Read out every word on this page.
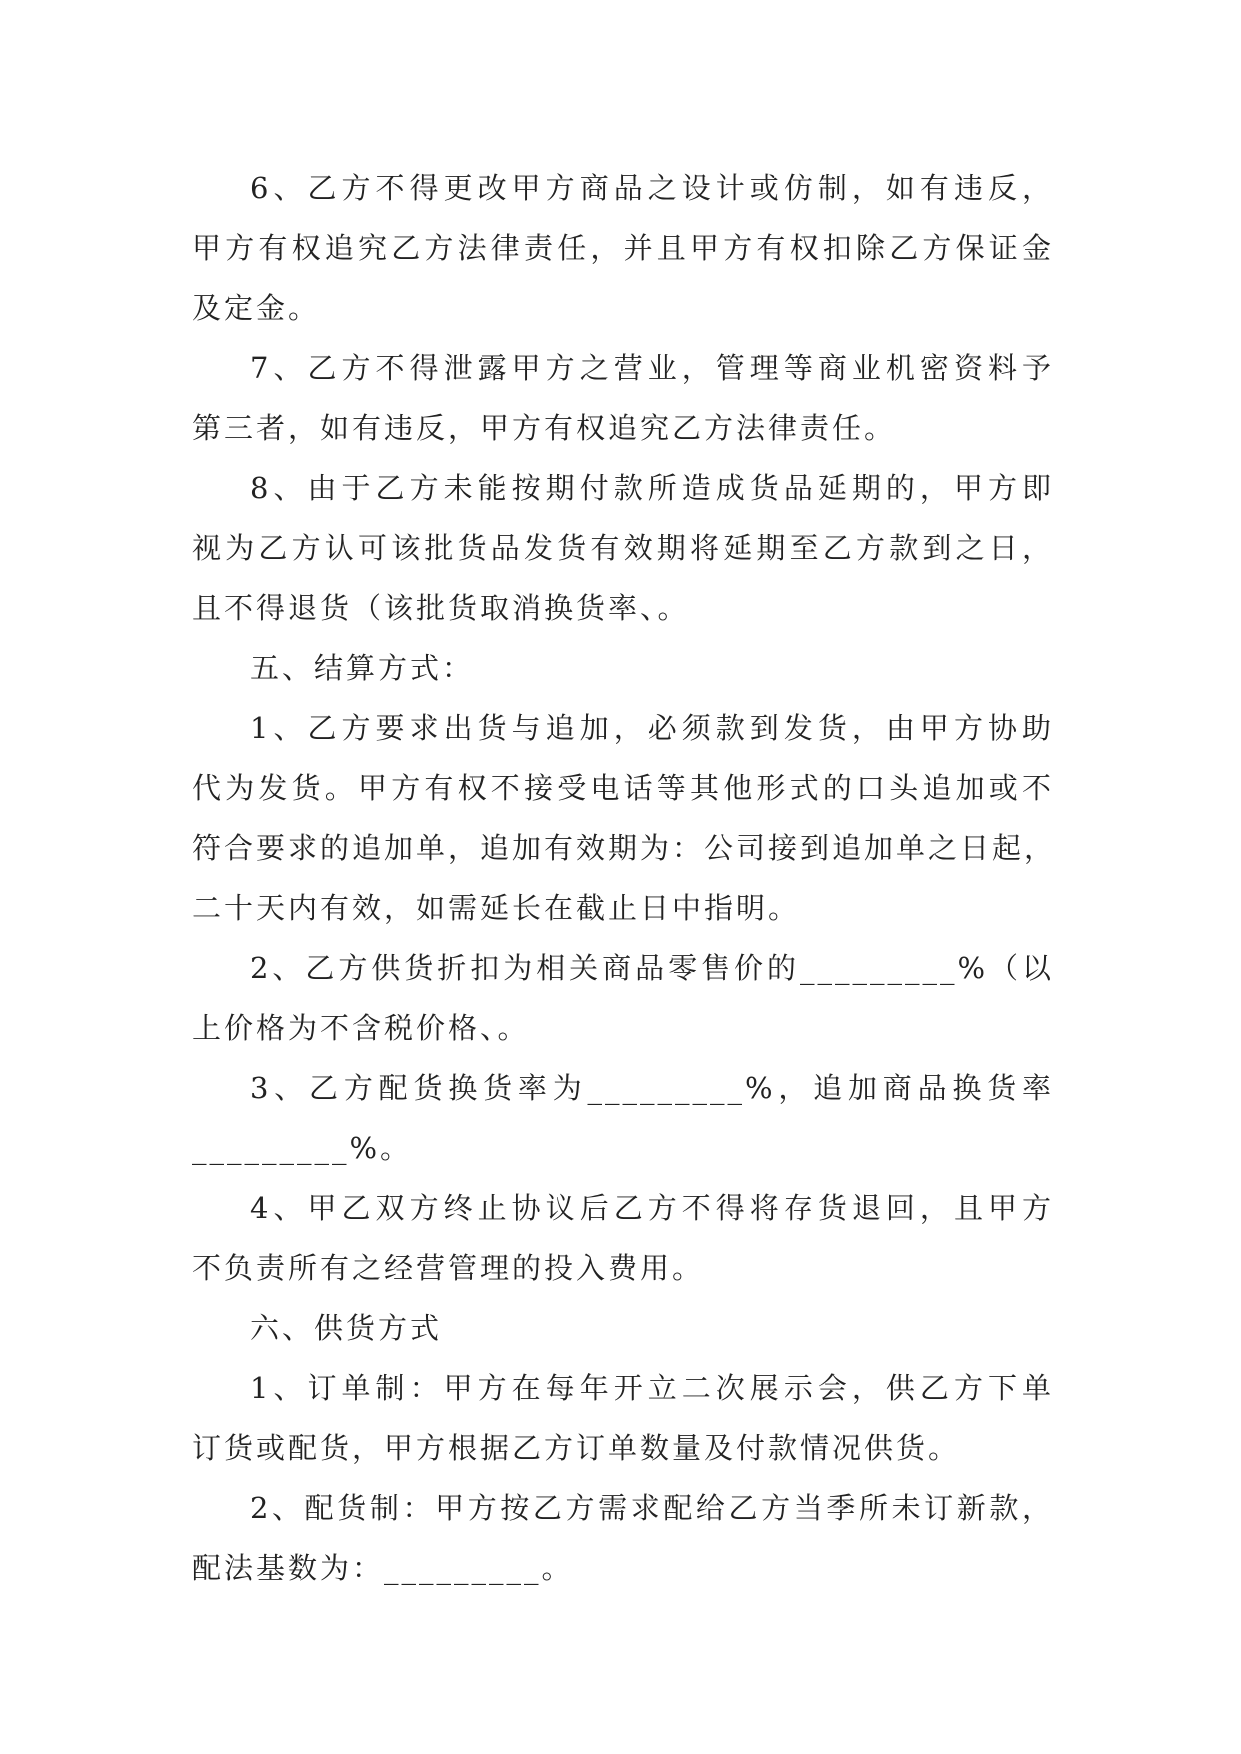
6、乙方不得更改甲方商品之设计或仿制，如有违反，
甲方有权追究乙方法律责任，并且甲方有权扣除乙方保证金
及定金。
7、乙方不得泄露甲方之营业，管理等商业机密资料予
第三者，如有违反，甲方有权追究乙方法律责任。
8、由于乙方未能按期付款所造成货品延期的，甲方即
视为乙方认可该批货品发货有效期将延期至乙方款到之日，
且不得退货（该批货取消换货率、。
五、结算方式：
1、乙方要求出货与追加，必须款到发货，由甲方协助
代为发货。甲方有权不接受电话等其他形式的口头追加或不
符合要求的追加单，追加有效期为：公司接到追加单之日起，
二十天内有效，如需延长在截止日中指明。
2、乙方供货折扣为相关商品零售价的_________%（以
上价格为不含税价格、。
3、乙方配货换货率为_________%，追加商品换货率
_________%。
4、甲乙双方终止协议后乙方不得将存货退回，且甲方
不负责所有之经营管理的投入费用。
六、供货方式
1、订单制：甲方在每年开立二次展示会，供乙方下单
订货或配货，甲方根据乙方订单数量及付款情况供货。
2、配货制：甲方按乙方需求配给乙方当季所未订新款，
配法基数为：_________。
